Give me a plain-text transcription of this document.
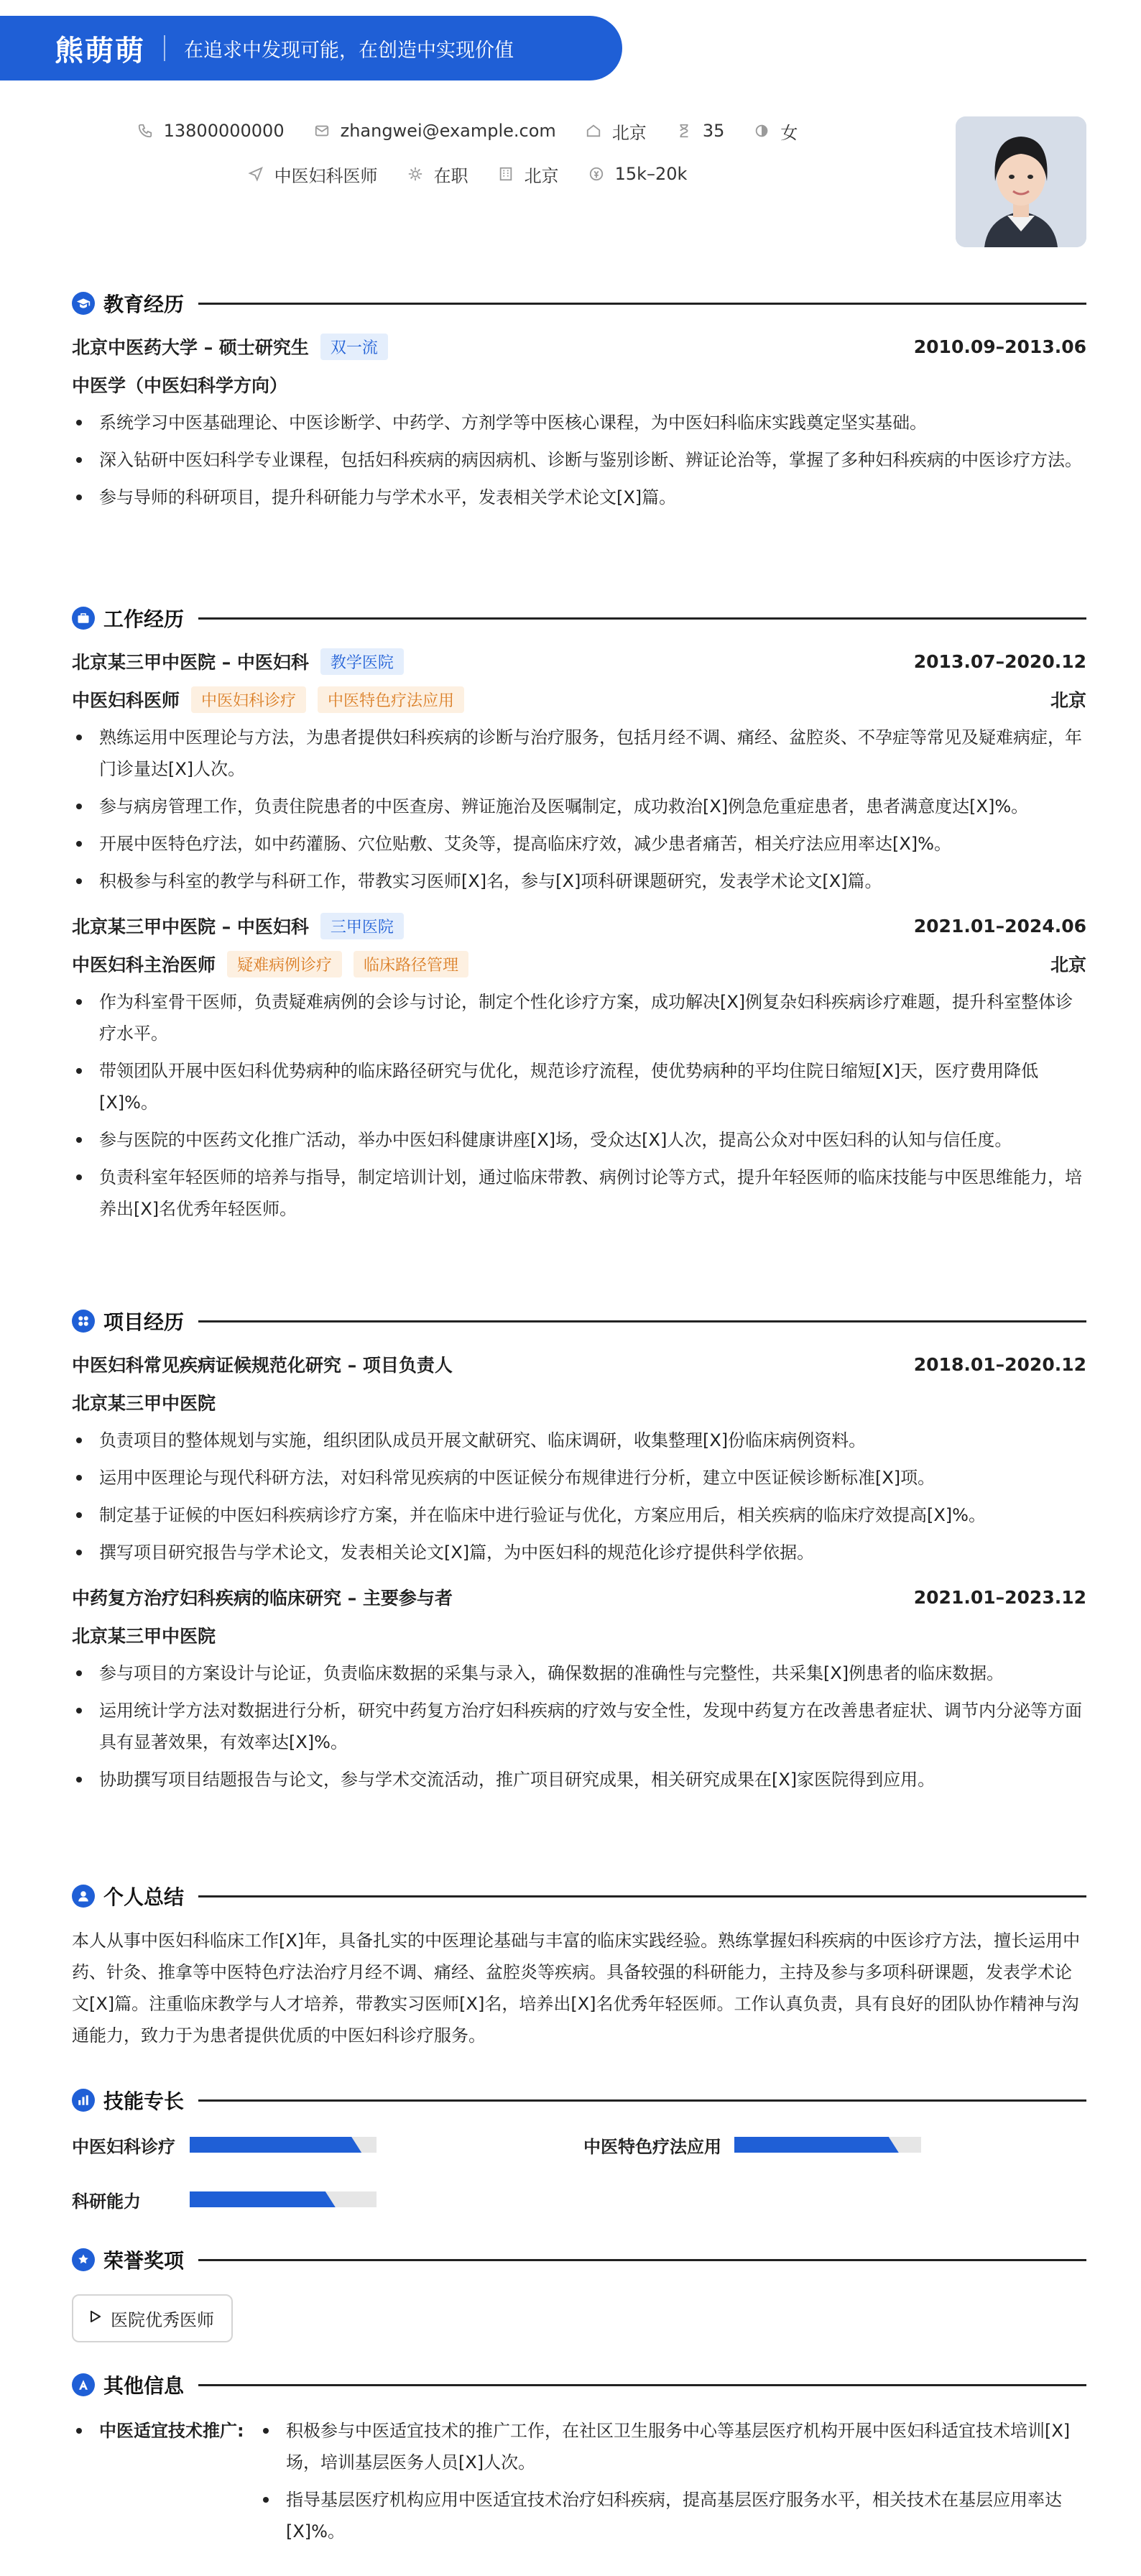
熊萌萌 在追求中发现可能，在创造中实现价值
13800000000	zhangwei@example.com	北京	35	女
中医妇科医师	在职	北京	15k–20k
教育经历
北京中医药大学 – 硕士研究生	双一流	2010.09–2013.06
中医学（中医妇科学方向）
系统学习中医基础理论、中医诊断学、中药学、方剂学等中医核心课程，为中医妇科临床实践奠定坚实基础。
深入钻研中医妇科学专业课程，包括妇科疾病的病因病机、诊断与鉴别诊断、辨证论治等，掌握了多种妇科疾病的中医诊疗方法。
参与导师的科研项目，提升科研能力与学术水平，发表相关学术论文[X]篇。
工作经历
北京某三甲中医院 – 中医妇科	教学医院	2013.07–2020.12
中医妇科医师	中医妇科诊疗	中医特色疗法应用	北京
熟练运用中医理论与方法，为患者提供妇科疾病的诊断与治疗服务，包括月经不调、痛经、盆腔炎、不孕症等常见及疑难病症，年门诊量达[X]人次。
参与病房管理工作，负责住院患者的中医查房、辨证施治及医嘱制定，成功救治[X]例急危重症患者，患者满意度达[X]%。
开展中医特色疗法，如中药灌肠、穴位贴敷、艾灸等，提高临床疗效，减少患者痛苦，相关疗法应用率达[X]%。
积极参与科室的教学与科研工作，带教实习医师[X]名，参与[X]项科研课题研究，发表学术论文[X]篇。
北京某三甲中医院 – 中医妇科	三甲医院	2021.01–2024.06
中医妇科主治医师	疑难病例诊疗	临床路径管理	北京
作为科室骨干医师，负责疑难病例的会诊与讨论，制定个性化诊疗方案，成功解决[X]例复杂妇科疾病诊疗难题，提升科室整体诊疗水平。
带领团队开展中医妇科优势病种的临床路径研究与优化，规范诊疗流程，使优势病种的平均住院日缩短[X]天，医疗费用降低[X]%。
参与医院的中医药文化推广活动，举办中医妇科健康讲座[X]场，受众达[X]人次，提高公众对中医妇科的认知与信任度。
负责科室年轻医师的培养与指导，制定培训计划，通过临床带教、病例讨论等方式，提升年轻医师的临床技能与中医思维能力，培养出[X]名优秀年轻医师。
项目经历
中医妇科常见疾病证候规范化研究 – 项目负责人	2018.01–2020.12
北京某三甲中医院
负责项目的整体规划与实施，组织团队成员开展文献研究、临床调研，收集整理[X]份临床病例资料。
运用中医理论与现代科研方法，对妇科常见疾病的中医证候分布规律进行分析，建立中医证候诊断标准[X]项。
制定基于证候的中医妇科疾病诊疗方案，并在临床中进行验证与优化，方案应用后，相关疾病的临床疗效提高[X]%。
撰写项目研究报告与学术论文，发表相关论文[X]篇，为中医妇科的规范化诊疗提供科学依据。
中药复方治疗妇科疾病的临床研究 – 主要参与者	2021.01–2023.12
北京某三甲中医院
参与项目的方案设计与论证，负责临床数据的采集与录入，确保数据的准确性与完整性，共采集[X]例患者的临床数据。
运用统计学方法对数据进行分析，研究中药复方治疗妇科疾病的疗效与安全性，发现中药复方在改善患者症状、调节内分泌等方面具有显著效果，有效率达[X]%。
协助撰写项目结题报告与论文，参与学术交流活动，推广项目研究成果，相关研究成果在[X]家医院得到应用。
个人总结

本人从事中医妇科临床工作[X]年，具备扎实的中医理论基础与丰富的临床实践经验。熟练掌握妇科疾病的中医诊疗方法，擅长运用中药、针灸、推拿等中医特色疗法治疗月经不调、痛经、盆腔炎等疾病。具备较强的科研能力，主持及参与多项科研课题，发表学术论文[X]篇。注重临床教学与人才培养，带教实习医师[X]名，培养出[X]名优秀年轻医师。工作认真负责，具有良好的团队协作精神与沟通能力，致力于为患者提供优质的中医妇科诊疗服务。

技能专长
中医妇科诊疗	中医特色疗法应用
科研能力
荣誉奖项
医院优秀医师
其他信息
中医适宜技术推广:	积极参与中医适宜技术的推广工作，在社区卫生服务中心等基层医疗机构开展中医妇科适宜技术培训[X]场，培训基层医务人员[X]人次。
指导基层医疗机构应用中医适宜技术治疗妇科疾病，提高基层医疗服务水平，相关技术在基层应用率达[X]%。
